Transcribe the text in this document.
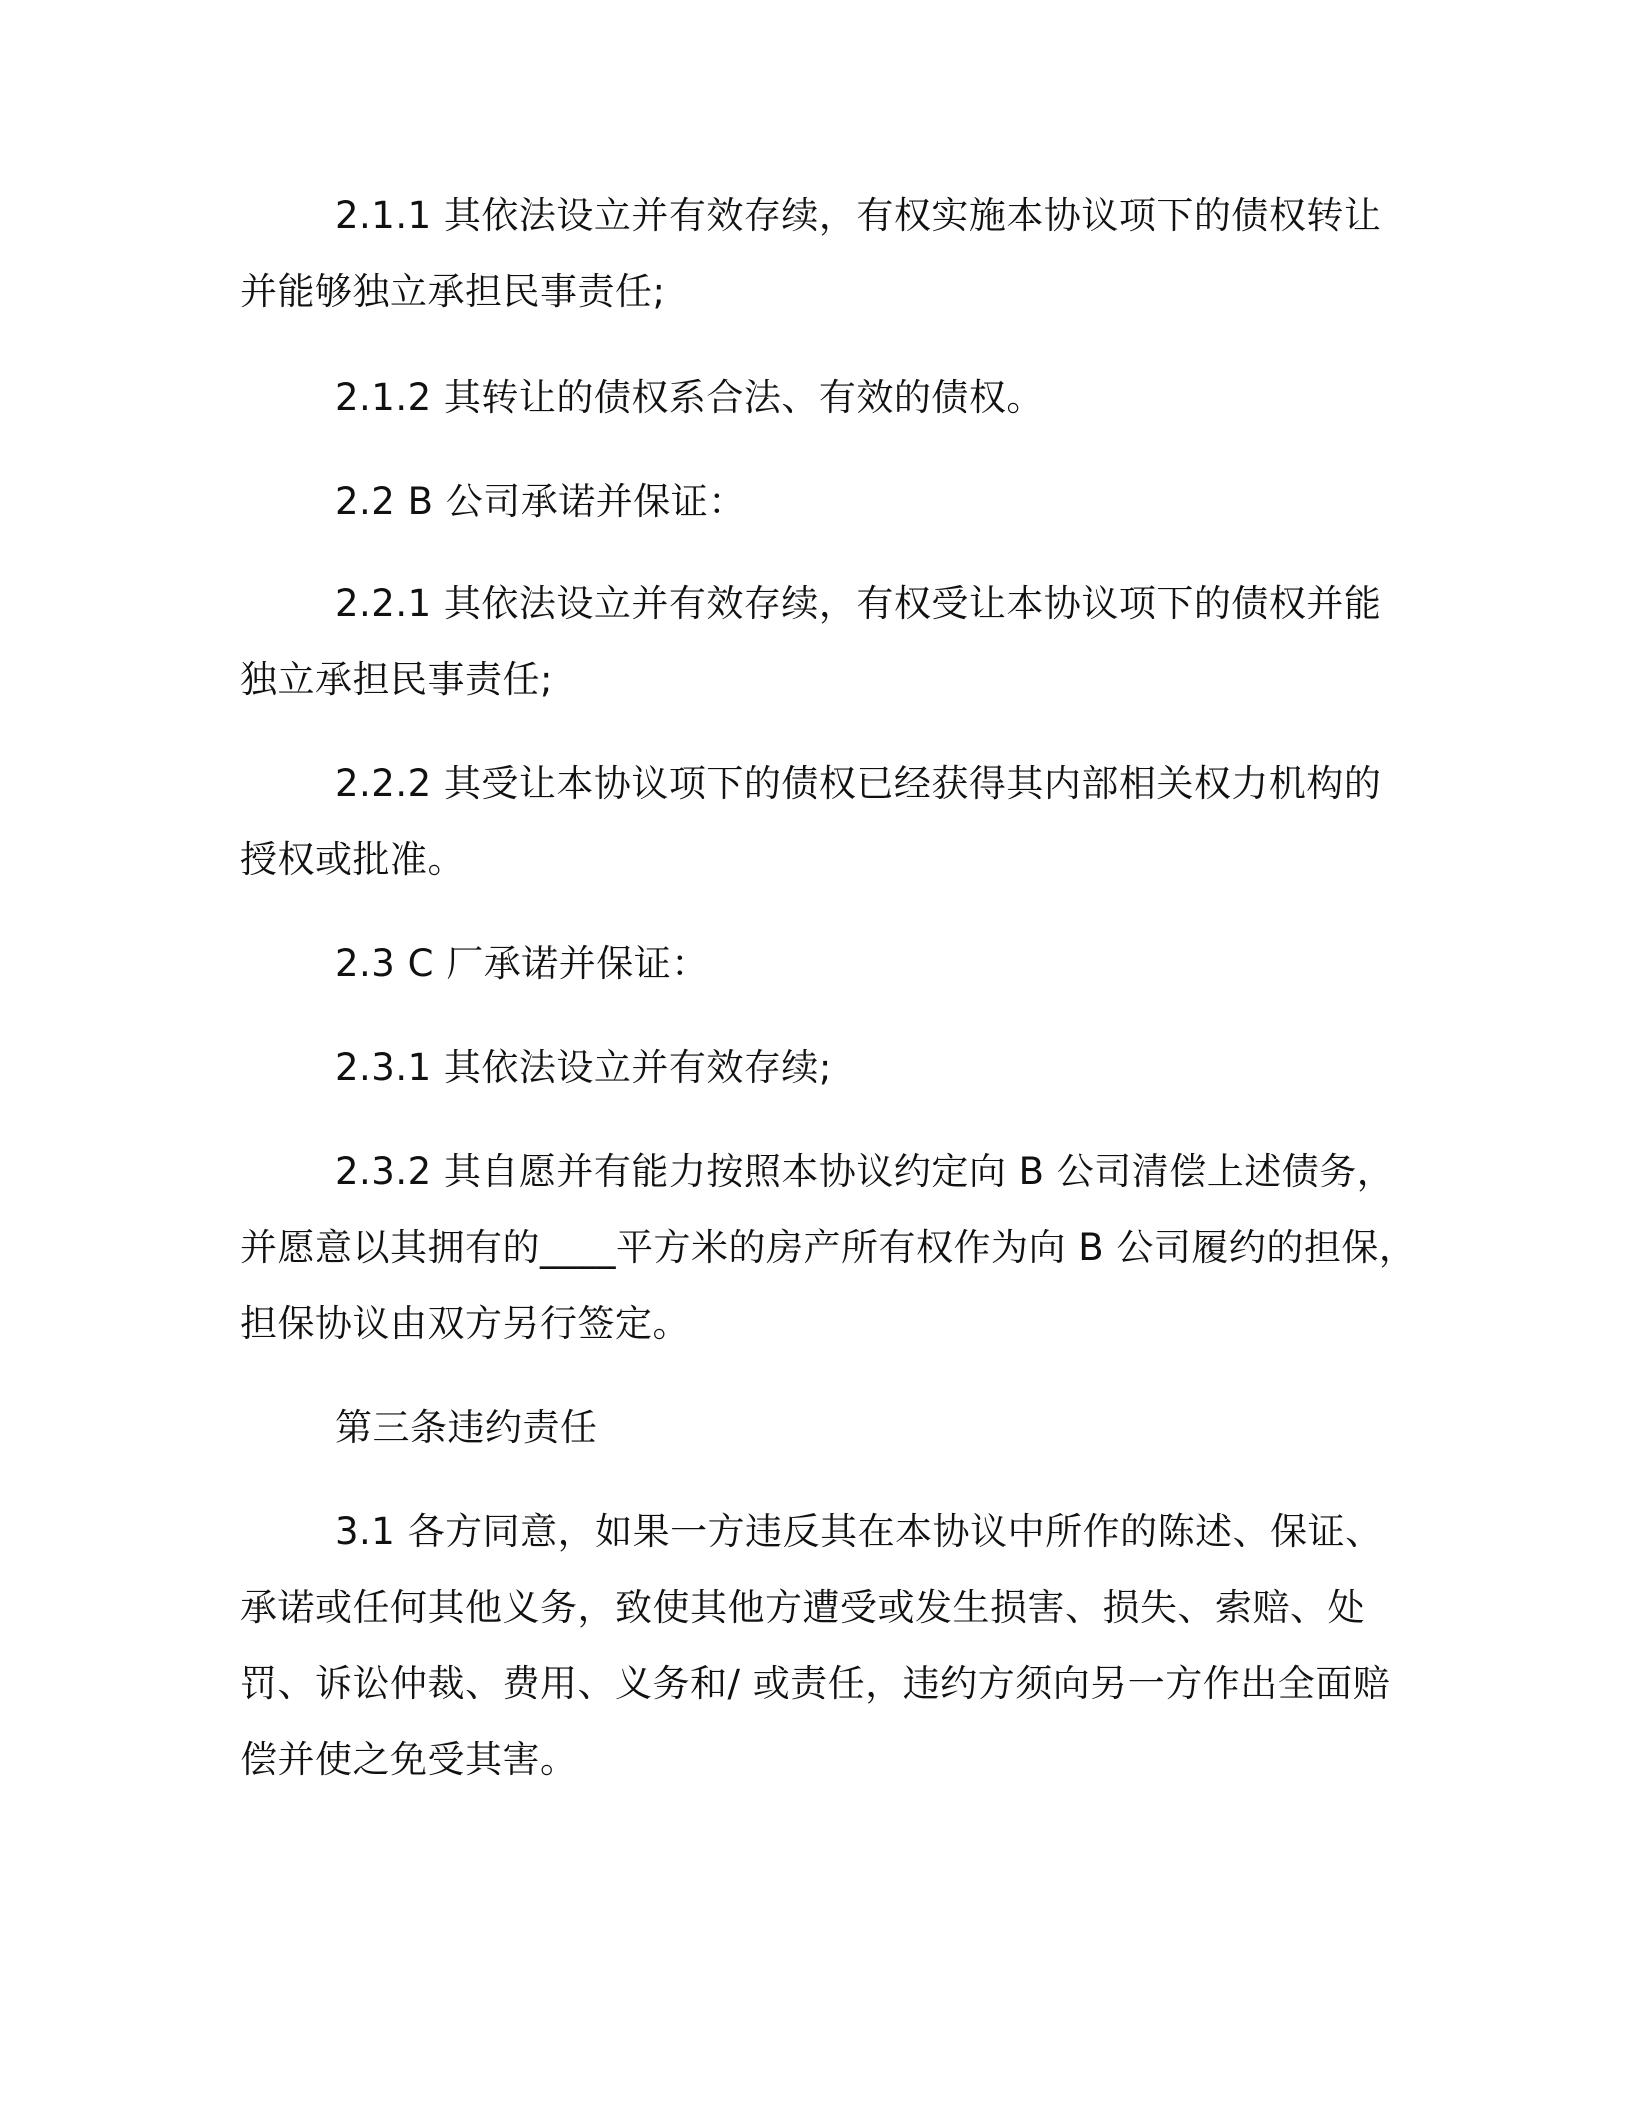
2.1.1 其依法设立并有效存续，有权实施本协议项下的债权转让

并能够独立承担民事责任;

2.1.2 其转让的债权系合法、有效的债权。

2.2 B 公司承诺并保证：

2.2.1 其依法设立并有效存续，有权受让本协议项下的债权并能

独立承担民事责任;

2.2.2 其受让本协议项下的债权已经获得其内部相关权力机构的

授权或批准。

2.3 C 厂承诺并保证：

2.3.1 其依法设立并有效存续;

2.3.2 其自愿并有能力按照本协议约定向 B 公司清偿上述债务，

并愿意以其拥有的____平方米的房产所有权作为向 B 公司履约的担保，

担保协议由双方另行签定。

第三条违约责任

3.1 各方同意，如果一方违反其在本协议中所作的陈述、保证、

承诺或任何其他义务，致使其他方遭受或发生损害、损失、索赔、处

罚、诉讼仲裁、费用、义务和/ 或责任，违约方须向另一方作出全面赔

偿并使之免受其害。
